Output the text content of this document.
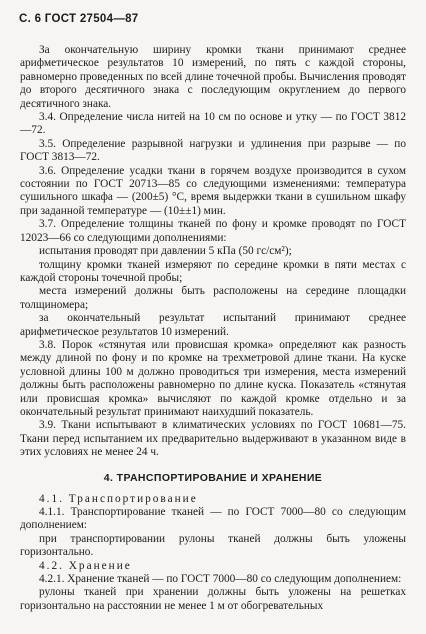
С. 6 ГОСТ 27504—87

За окончательную ширину кромки ткани принимают среднее арифметическое результатов 10 измерений, по пять с каждой стороны, равномерно проведенных по всей длине точечной пробы. Вычисления проводят до второго десятичного знака с последующим округлением до первого десятичного знака.

3.4. Определение числа нитей на 10 см по основе и утку — по ГОСТ 3812—72.

3.5. Определение разрывной нагрузки и удлинения при разрыве — по ГОСТ 3813—72.

3.6. Определение усадки ткани в горячем воздухе производится в сухом состоянии по ГОСТ 20713—85 со следующими изменениями: температура сушильного шкафа — (200±5) °С, время выдержки ткани в сушильном шкафу при заданной температуре — (10±±1) мин.

3.7. Определение толщины тканей по фону и кромке проводят по ГОСТ 12023—66 со следующими дополнениями:

испытания проводят при давлении 5 кПа (50 гс/см²);

толщину кромки тканей измеряют по середине кромки в пяти местах с каждой стороны точечной пробы;

места измерений должны быть расположены на середине площадки толщиномера;

за окончательный результат испытаний принимают среднее арифметическое результатов 10 измерений.

3.8. Порок «стянутая или провисшая кромка» определяют как разность между длиной по фону и по кромке на трехметровой длине ткани. На куске условной длины 100 м должно проводиться три измерения, места измерений должны быть расположены равномерно по длине куска. Показатель «стянутая или провисшая кромка» вычисляют по каждой кромке отдельно и за окончательный результат принимают наихудший показатель.

3.9. Ткани испытывают в климатических условиях по ГОСТ 10681—75. Ткани перед испытанием их предварительно выдерживают в указанном виде в этих условиях не менее 24 ч.

4. ТРАНСПОРТИРОВАНИЕ И ХРАНЕНИЕ

4.1. Транспортирование

4.1.1. Транспортирование тканей — по ГОСТ 7000—80 со следующим дополнением:

при транспортировании рулоны тканей должны быть уложены горизонтально.

4.2. Хранение

4.2.1. Хранение тканей — по ГОСТ 7000—80 со следующим дополнением:

рулоны тканей при хранении должны быть уложены на решетках горизонтально на расстоянии не менее 1 м от обогревательных
